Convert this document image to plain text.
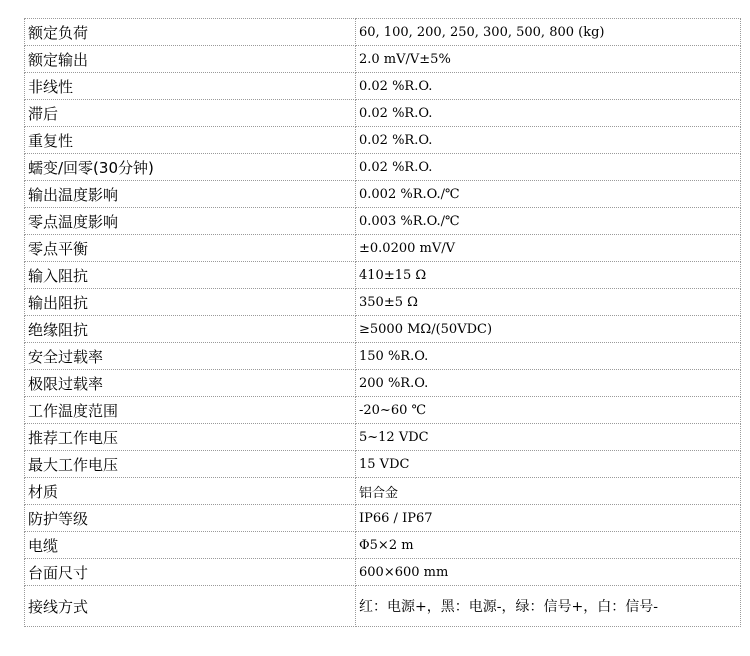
额定负荷	60, 100, 200, 250, 300, 500, 800 (kg)
额定输出	2.0 mV/V±5%
非线性	0.02 %R.O.
滞后	0.02 %R.O.
重复性	0.02 %R.O.
蠕变/回零(30分钟)	0.02 %R.O.
输出温度影响	0.002 %R.O./℃
零点温度影响	0.003 %R.O./℃
零点平衡	±0.0200 mV/V
输入阻抗	410±15 Ω
输出阻抗	350±5 Ω
绝缘阻抗	≥5000 MΩ/(50VDC)
安全过载率	150 %R.O.
极限过载率	200 %R.O.
工作温度范围	-20~60 ℃
推荐工作电压	5~12 VDC
最大工作电压	15 VDC
材质	铝合金
防护等级	IP66 / IP67
电缆	Φ5×2 m
台面尺寸	600×600 mm
接线方式	红：电源+，黑：电源-，绿：信号+，白：信号-
